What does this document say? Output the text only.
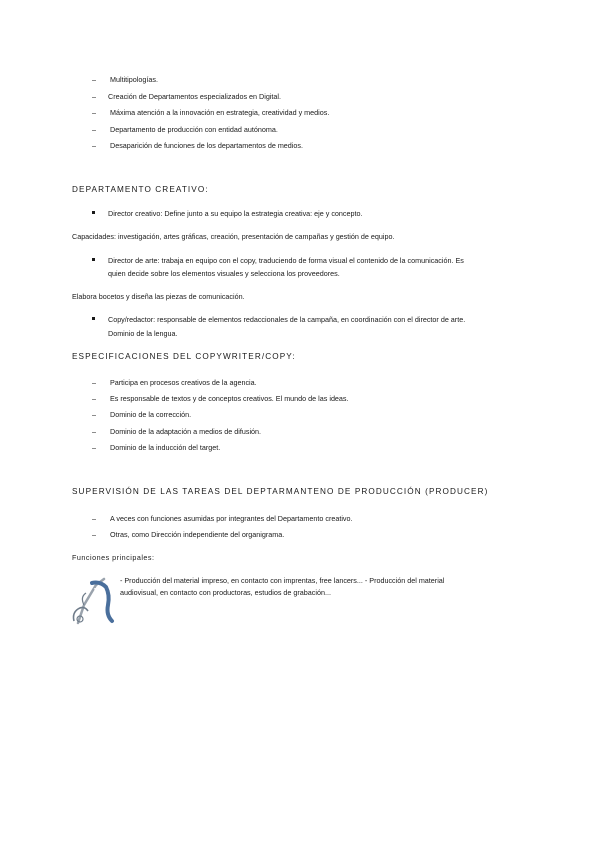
– Multitipologías.
– Creación de Departamentos especializados en Digital.
– Máxima atención a la innovación en estrategia, creatividad y medios.
– Departamento de producción con entidad autónoma.
– Desaparición de funciones de los departamentos de medios.
DEPARTAMENTO CREATIVO:
Director creativo: Define junto a su equipo la estrategia creativa: eje y concepto.
Capacidades: investigación, artes gráficas, creación, presentación de campañas y gestión de equipo.
Director de arte: trabaja en equipo con el copy, traduciendo de forma visual el contenido de la comunicación. Es
quien decide sobre los elementos visuales y selecciona los proveedores.
Elabora bocetos y diseña las piezas de comunicación.
Copy/redactor: responsable de elementos redaccionales de la campaña, en coordinación con el director de arte.
Dominio de la lengua.
ESPECIFICACIONES DEL COPYWRITER/COPY:
– Participa en procesos creativos de la agencia.
– Es responsable de textos y de conceptos creativos. El mundo de las ideas.
– Dominio de la corrección.
– Dominio de la adaptación a medios de difusión.
– Dominio de la inducción del target.
SUPERVISIÓN DE LAS TAREAS DEL DEPTARMANTENO DE PRODUCCIÓN (PRODUCER)
– A veces con funciones asumidas por integrantes del Departamento creativo.
– Otras, como Dirección independiente del organigrama.
Funciones principales:
- Producción del material impreso, en contacto con imprentas, free lancers... - Producción del material
audiovisual, en contacto con productoras, estudios de grabación...
